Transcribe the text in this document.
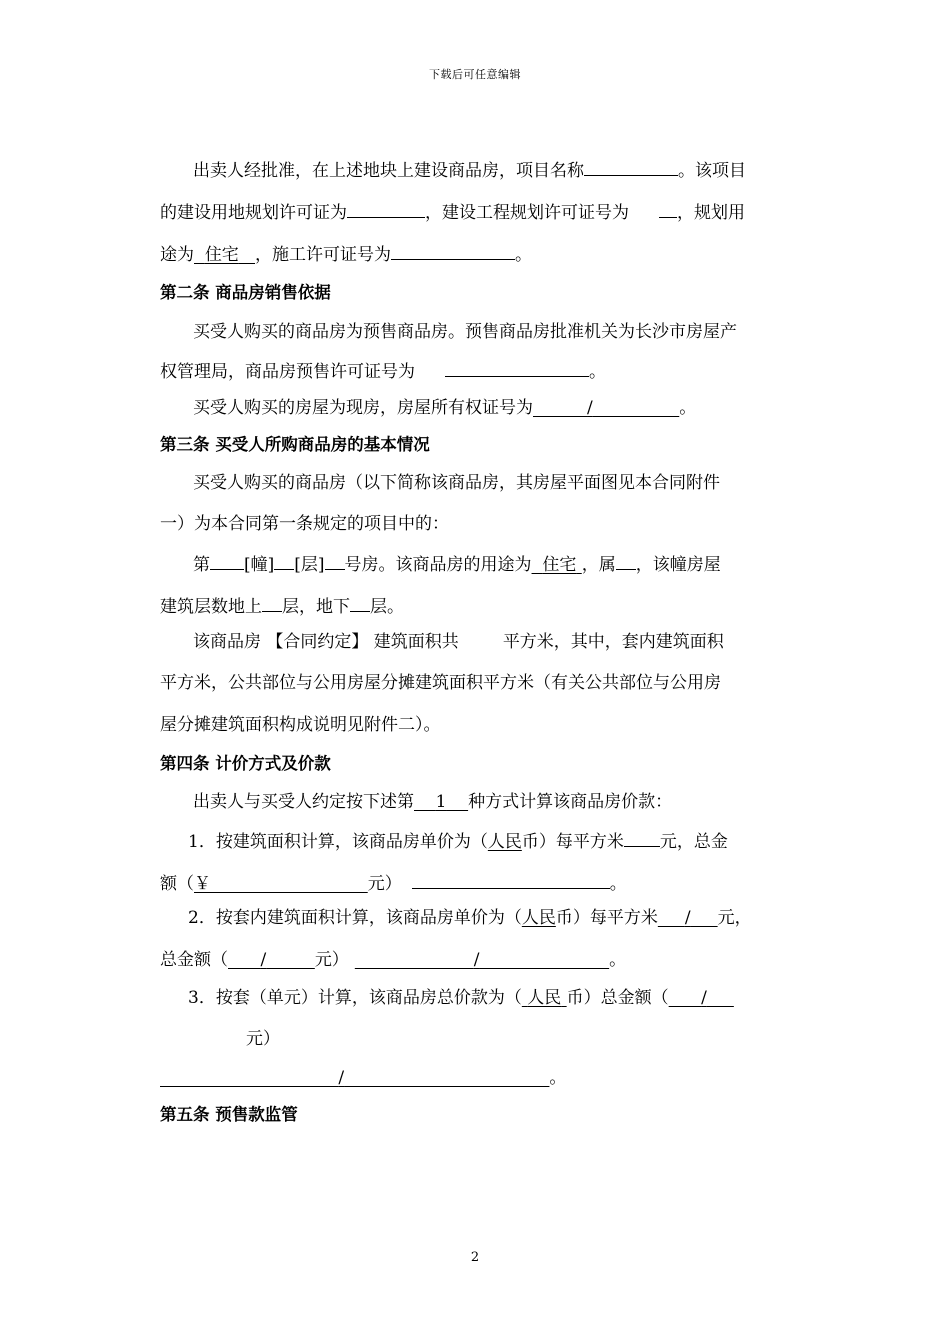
下载后可任意编辑
出卖人经批准，在上述地块上建设商品房，项目名称	。该项目
的建设用地规划许可证为	，建设工程规划许可证号为	，规划用
途为 住宅 ，施工许可证号为	。
第二条 商品房销售依据
买受人购买的商品房为预售商品房。预售商品房批准机关为长沙市房屋产
权管理局，商品房预售许可证号为	。
买受人购买的房屋为现房，房屋所有权证号为	/	。
第三条 买受人所购商品房的基本情况
买受人购买的商品房（以下简称该商品房，其房屋平面图见本合同附件
一）为本合同第一条规定的项目中的：
第 [幢] [层] 号房。该商品房的用途为 住宅 ，属 ，该幢房屋
建筑层数地上 层，地下 层。
该商品房 【合同约定】 建筑面积共	平方米，其中，套内建筑面积
平方米，公共部位与公用房屋分摊建筑面积平方米（有关公共部位与公用房
屋分摊建筑面积构成说明见附件二）。
第四条 计价方式及价款
出卖人与买受人约定按下述第 1 种方式计算该商品房价款：
1．按建筑面积计算，该商品房单价为（人民币）每平方米 元，总金
额（￥	元）	。
2．按套内建筑面积计算，该商品房单价为（人民币）每平方米 / 元，
总金额（ /	元）	/	。
3．按套（单元）计算，该商品房总价款为（ 人民 币）总金额（ /
元）
/	。
第五条 预售款监管
2
